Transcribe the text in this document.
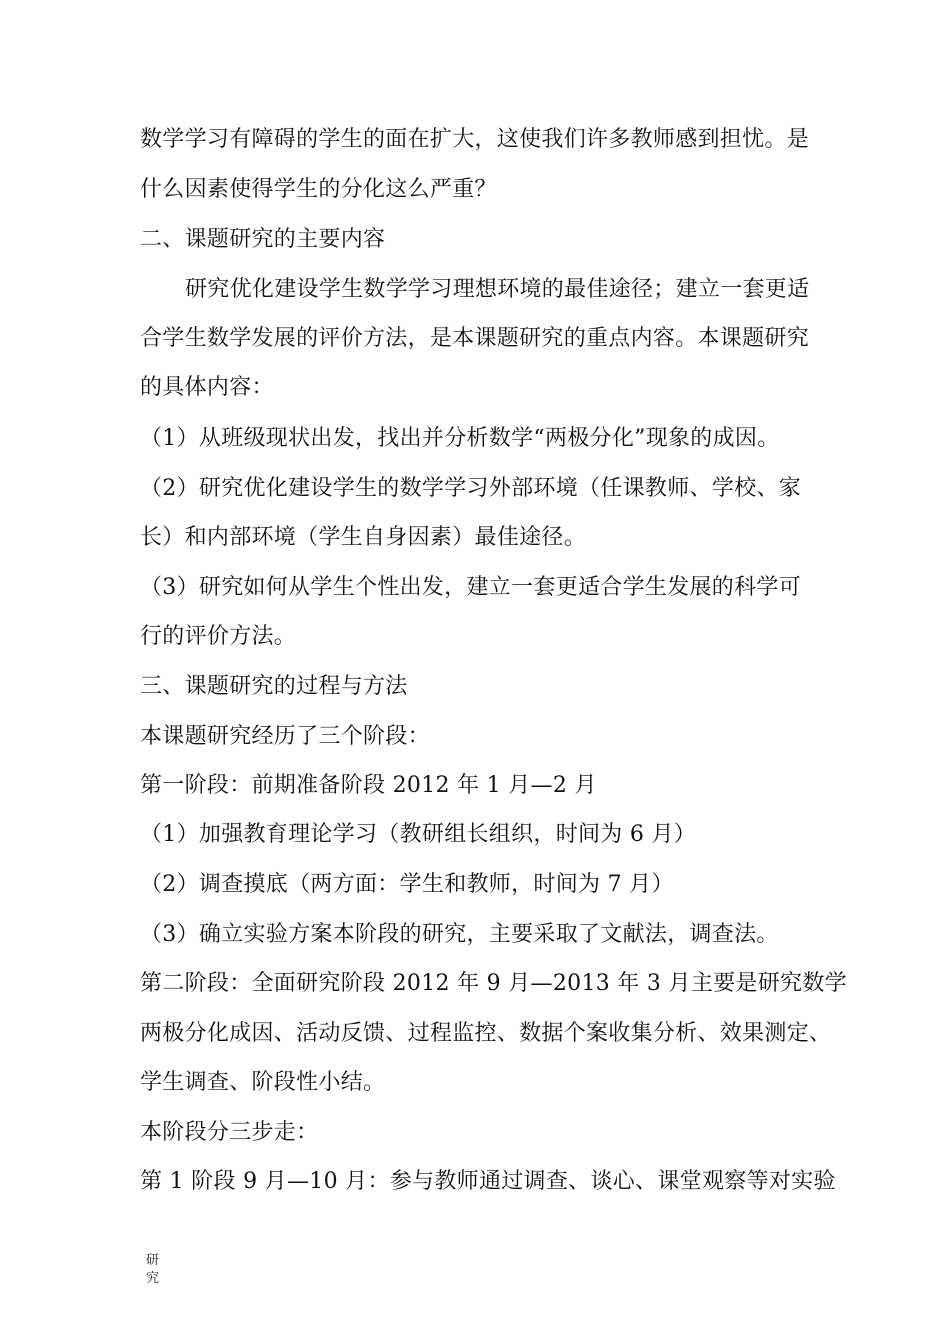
数学学习有障碍的学生的面在扩大，这使我们许多教师感到担忧。是
什么因素使得学生的分化这么严重？
二、课题研究的主要内容
研究优化建设学生数学学习理想环境的最佳途径；建立一套更适
合学生数学发展的评价方法，是本课题研究的重点内容。本课题研究
的具体内容：
（1）从班级现状出发，找出并分析数学“两极分化”现象的成因。
（2）研究优化建设学生的数学学习外部环境（任课教师、学校、家
长）和内部环境（学生自身因素）最佳途径。
（3）研究如何从学生个性出发，建立一套更适合学生发展的科学可
行的评价方法。
三、课题研究的过程与方法
本课题研究经历了三个阶段：
第一阶段：前期准备阶段 2012 年 1 月—2 月
（1）加强教育理论学习（教研组长组织，时间为 6 月）
（2）调查摸底（两方面：学生和教师，时间为 7 月）
（3）确立实验方案本阶段的研究，主要采取了文献法，调查法。
第二阶段：全面研究阶段 2012 年 9 月—2013 年 3 月主要是研究数学
两极分化成因、活动反馈、过程监控、数据个案收集分析、效果测定、
学生调查、阶段性小结。
本阶段分三步走：
第 1 阶段 9 月—10 月：参与教师通过调查、谈心、课堂观察等对实验
研究
